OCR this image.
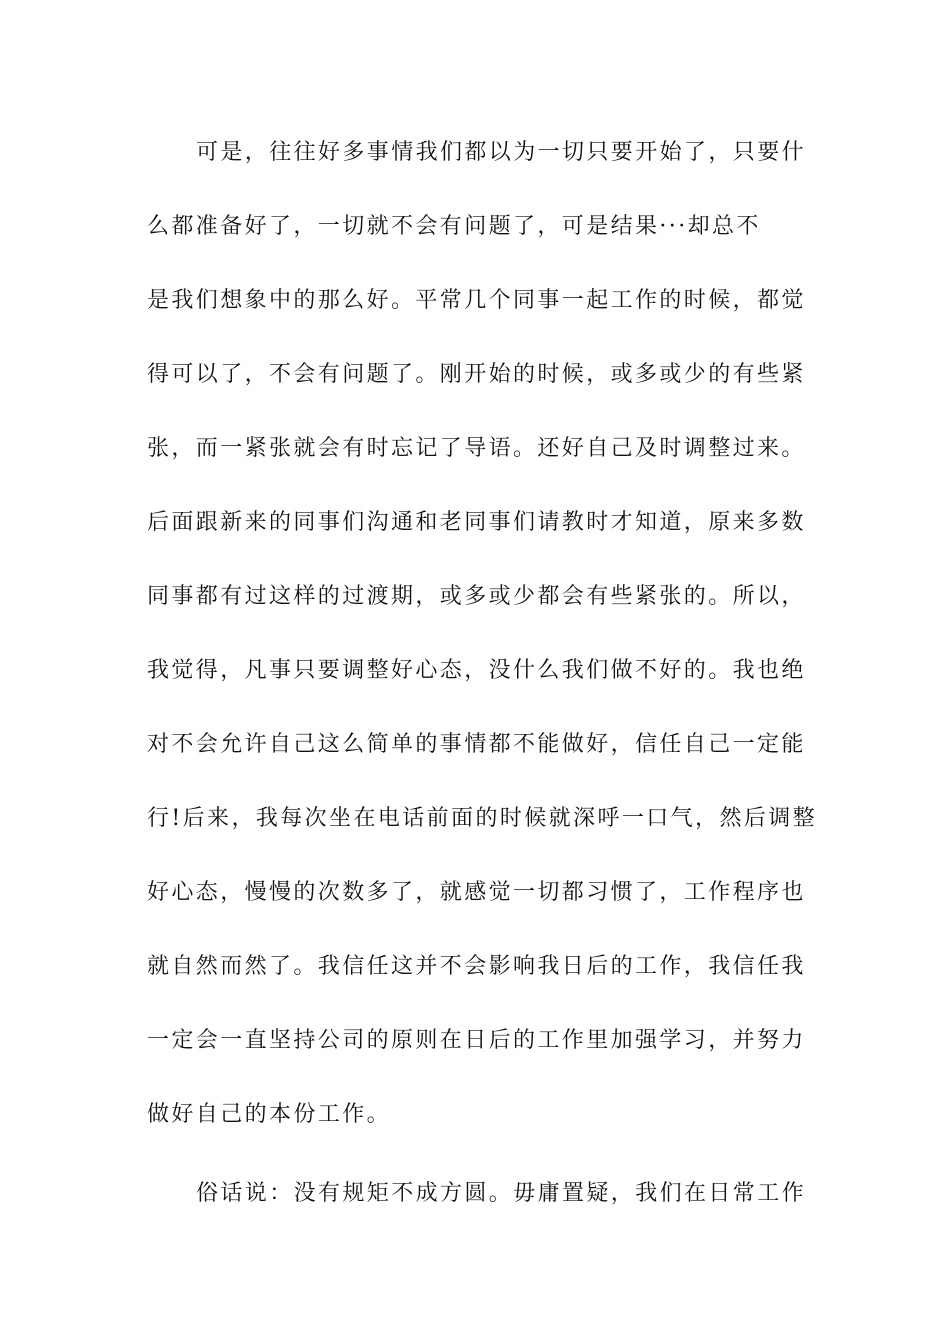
可是，往往好多事情我们都以为一切只要开始了，只要什
么都准备好了，一切就不会有问题了，可是结果···却总不
是我们想象中的那么好。平常几个同事一起工作的时候，都觉
得可以了，不会有问题了。刚开始的时候，或多或少的有些紧
张，而一紧张就会有时忘记了导语。还好自己及时调整过来。
后面跟新来的同事们沟通和老同事们请教时才知道，原来多数
同事都有过这样的过渡期，或多或少都会有些紧张的。所以，
我觉得，凡事只要调整好心态，没什么我们做不好的。我也绝
对不会允许自己这么简单的事情都不能做好，信任自己一定能
行!后来，我每次坐在电话前面的时候就深呼一口气，然后调整
好心态，慢慢的次数多了，就感觉一切都习惯了，工作程序也
就自然而然了。我信任这并不会影响我日后的工作，我信任我
一定会一直坚持公司的原则在日后的工作里加强学习，并努力
做好自己的本份工作。
俗话说：没有规矩不成方圆。毋庸置疑，我们在日常工作
